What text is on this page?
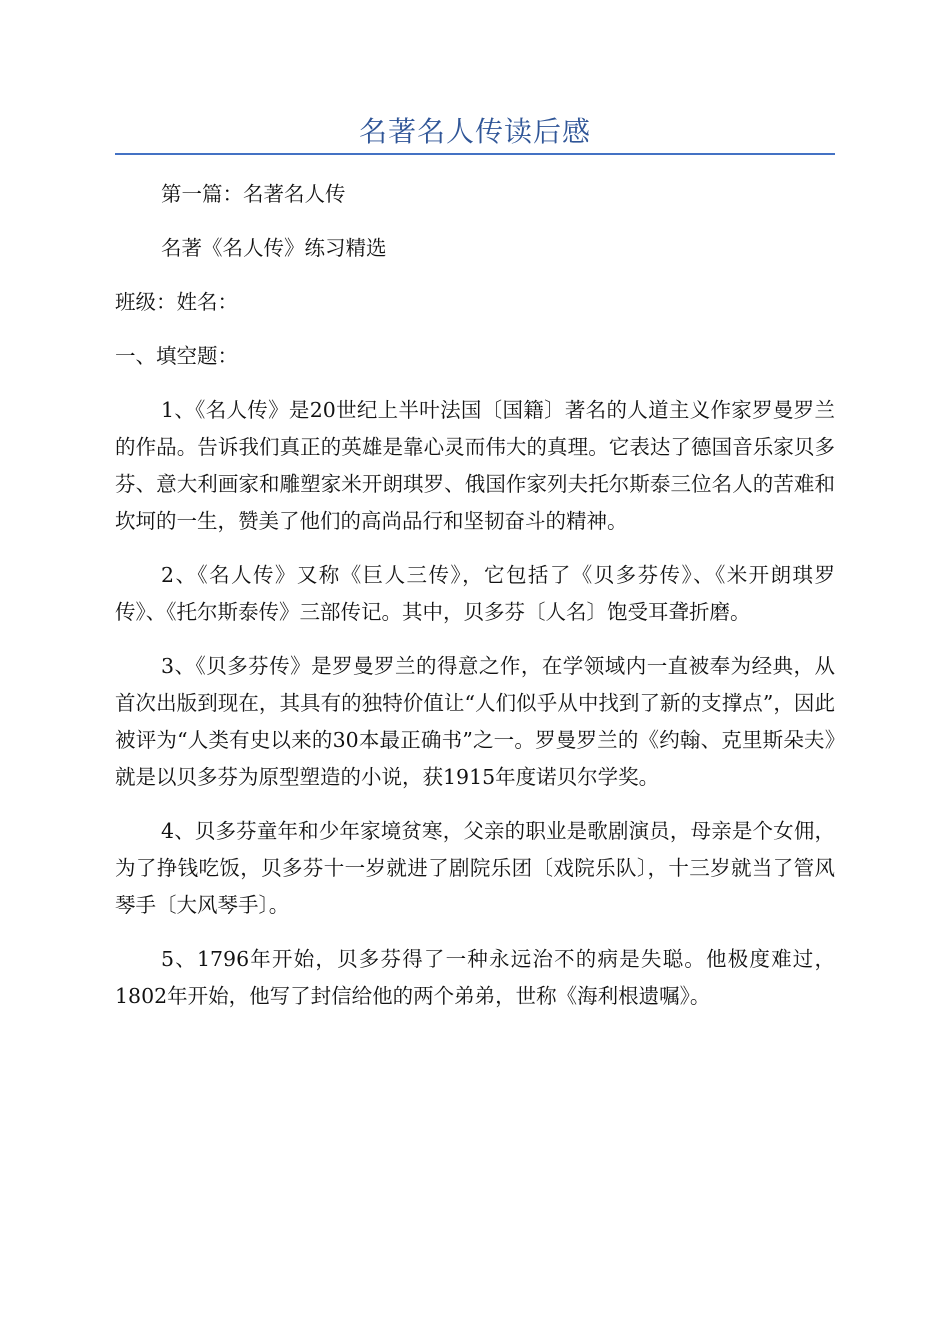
名著名人传读后感

第一篇：名著名人传

名著《名人传》练习精选

班级：姓名：

一、填空题：

1、《名人传》是20世纪上半叶法国〔国籍〕著名的人道主义作家罗曼罗兰的作品。告诉我们真正的英雄是靠心灵而伟大的真理。它表达了德国音乐家贝多芬、意大利画家和雕塑家米开朗琪罗、俄国作家列夫托尔斯泰三位名人的苦难和坎坷的一生，赞美了他们的高尚品行和坚韧奋斗的精神。

2、《名人传》又称《巨人三传》，它包括了《贝多芬传》、《米开朗琪罗传》、《托尔斯泰传》三部传记。其中，贝多芬〔人名〕饱受耳聋折磨。

3、《贝多芬传》是罗曼罗兰的得意之作，在学领域内一直被奉为经典，从首次出版到现在，其具有的独特价值让“人们似乎从中找到了新的支撑点”，因此被评为“人类有史以来的30本最正确书”之一。罗曼罗兰的《约翰、克里斯朵夫》就是以贝多芬为原型塑造的小说，获1915年度诺贝尔学奖。

4、贝多芬童年和少年家境贫寒，父亲的职业是歌剧演员，母亲是个女佣，为了挣钱吃饭，贝多芬十一岁就进了剧院乐团〔戏院乐队〕，十三岁就当了管风琴手〔大风琴手〕。

5、1796年开始，贝多芬得了一种永远治不的病是失聪。他极度难过，1802年开始，他写了封信给他的两个弟弟，世称《海利根遗嘱》。
